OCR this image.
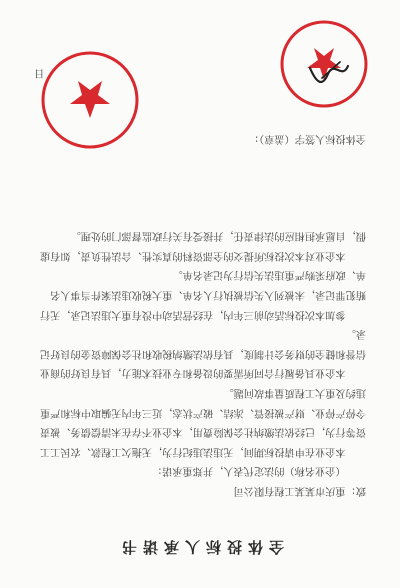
全体投标人承诺书

致：重庆市某某工程有限公司

（企业名称）的法定代表人，并郑重承诺：

本企业在申请投标期间，无违法违纪行为，无拖欠工程款、农民工工资等行为，已经依法缴纳社会保险费用，本企业不存在未清偿债务、被责令停产停业、财产被接管、冻结、破产状态，近三年内无骗取中标和严重违约及重大工程质量事故问题。

本企业具备履行合同所需要的设备和专业技术能力，具有良好的商业信誉和健全的财务会计制度，具有依法缴纳税收和社会保障资金的良好记录。

参加本次投标活动前三年内，在经营活动中没有重大违法记录，无行贿犯罪记录，未被列入失信被执行人名单、重大税收违法案件当事人名单、政府采购严重违法失信行为记录名单。

本企业对本次投标所提交的全部资料的真实性、合法性负责，如有虚假，自愿承担相应的法律责任，并接受有关行政监督部门的处理。

全体投标人签字（盖章）：
日
